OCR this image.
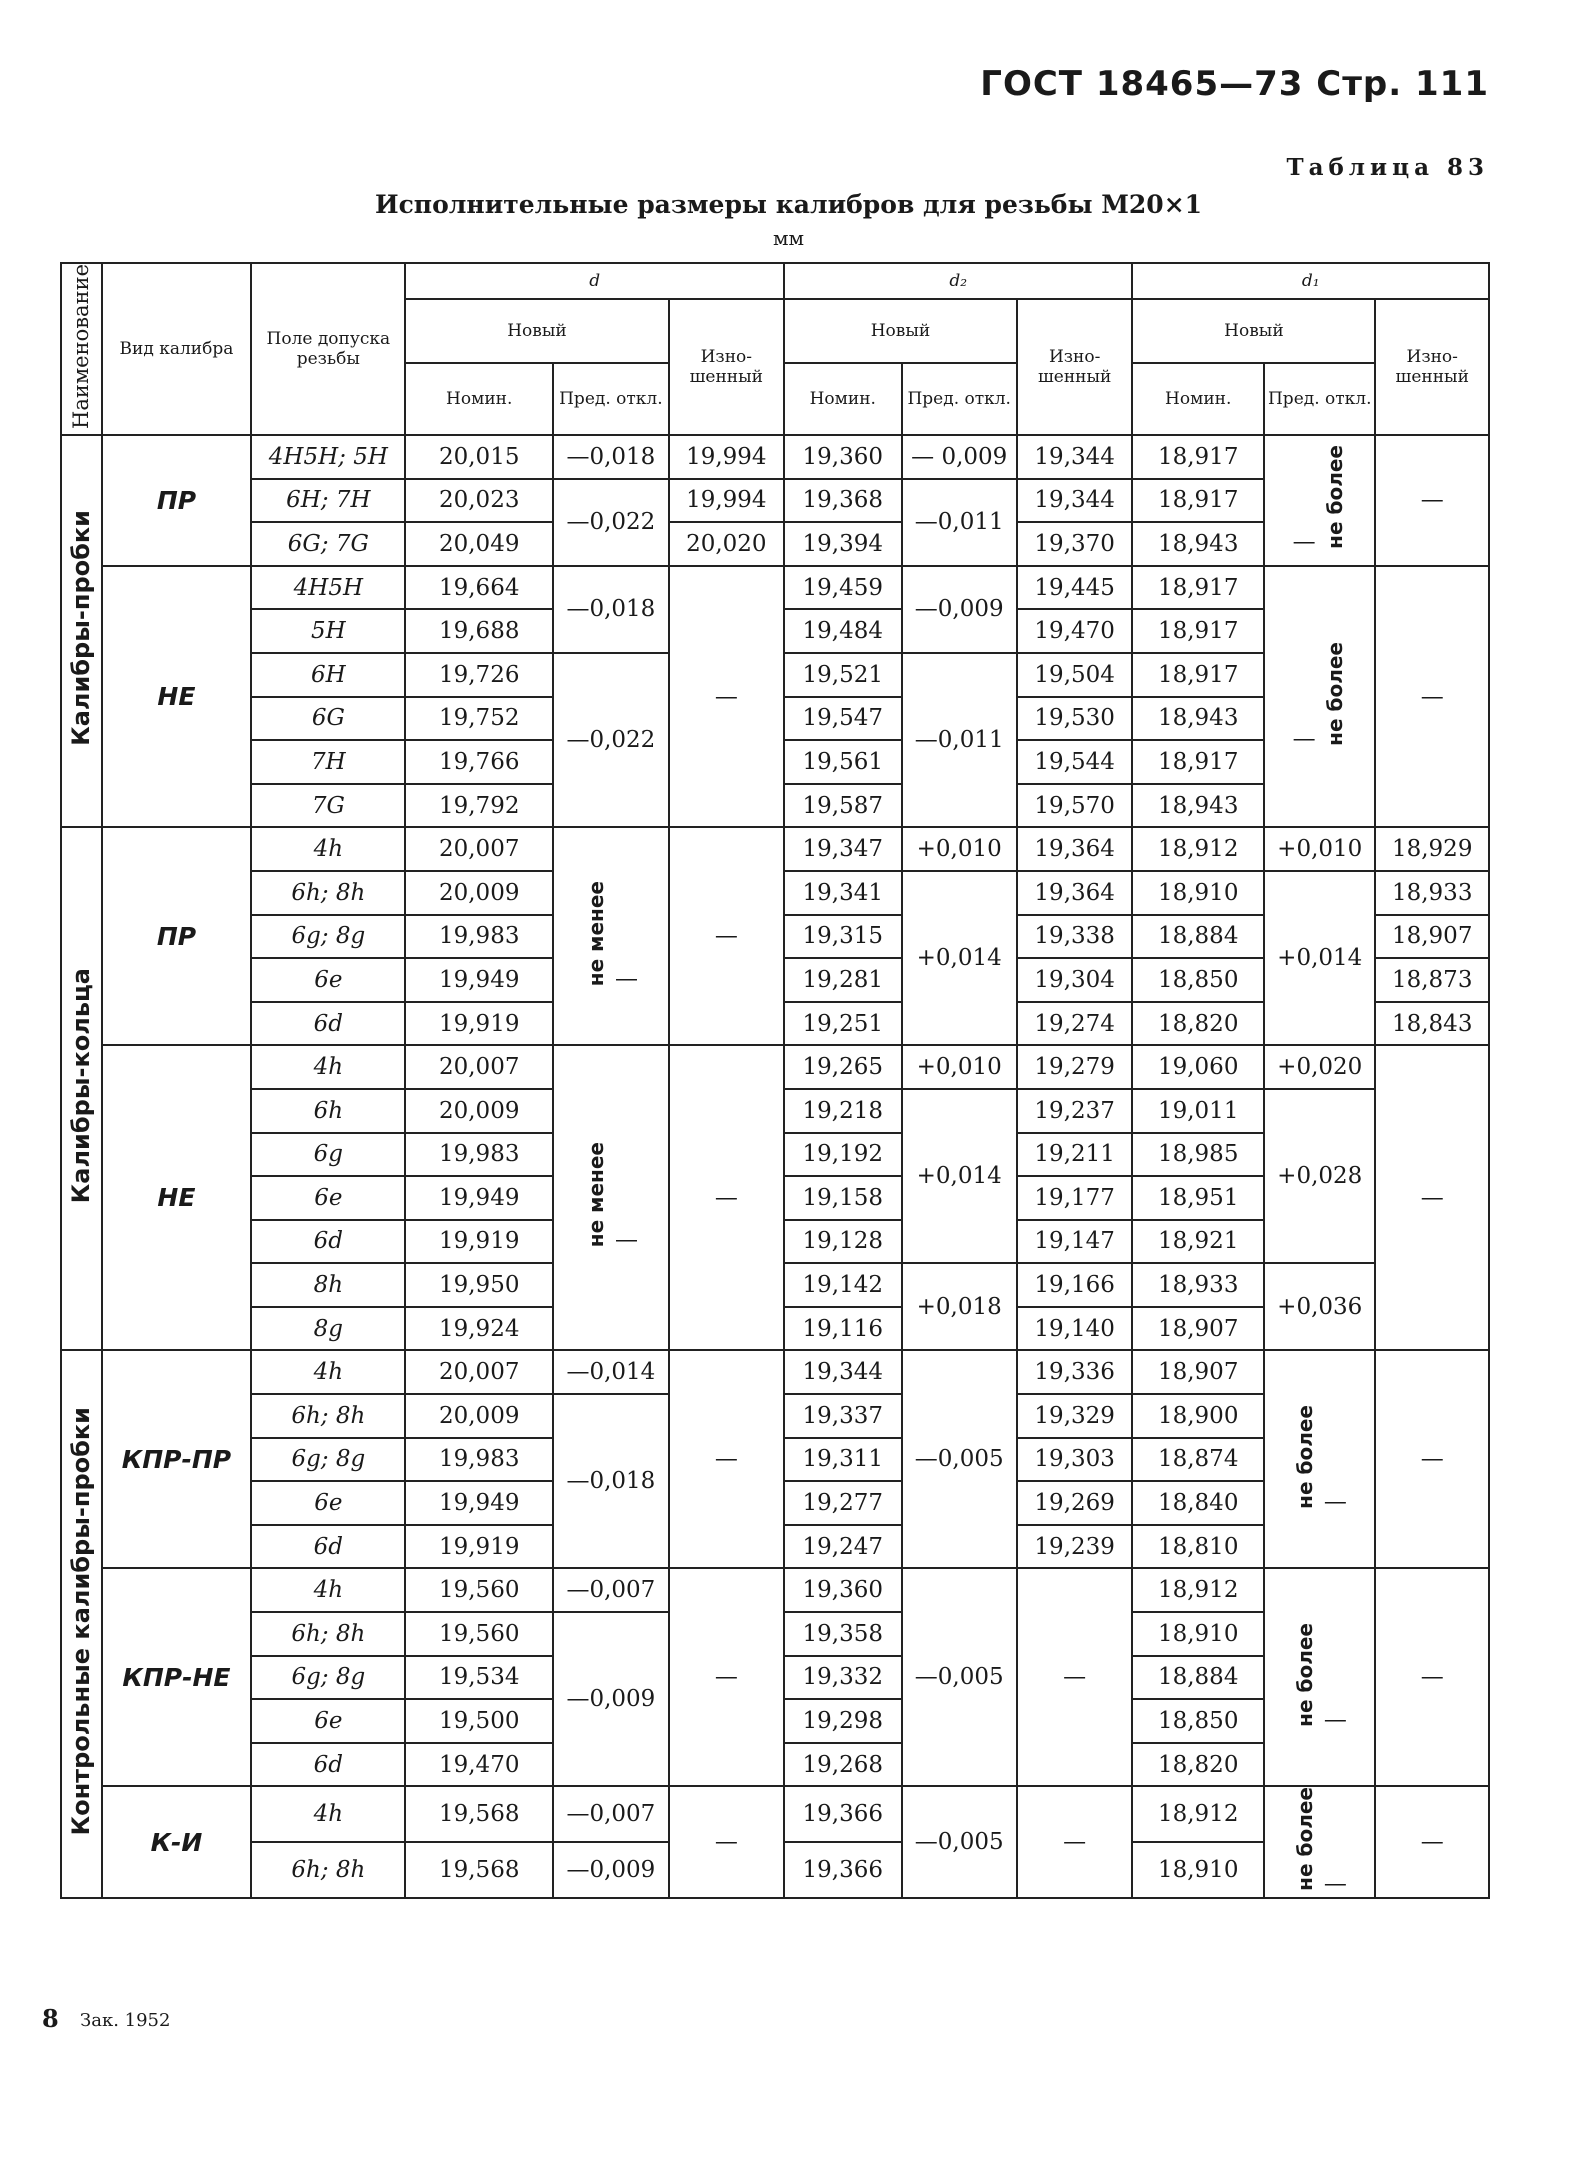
ГОСТ 18465—73 Стр. 111
Таблица 83
Исполнительные размеры калибров для резьбы М20×1
мм
Наименование	Вид калибра	Поле допуска резьбы	d			d₂			d₁		
			Новый		Изно-шенный	Новый		Изно-шенный	Новый		Изно-шенный
			Номин.	Пред. откл.		Номин.	Пред. откл.		Номин.	Пред. откл.	
Калибры-пробки	ПР	4H5H; 5H	20,015	—0,018	19,994	19,360	— 0,009	19,344	18,917	— не более	—
		6H; 7H	20,023	—0,022	19,994	19,368	—0,011	19,344	18,917		
		6G; 7G	20,049		20,020	19,394		19,370	18,943		
	НЕ	4H5H	19,664	—0,018	—	19,459	—0,009	19,445	18,917	— не более	—
		5H	19,688			19,484		19,470	18,917		
		6H	19,726	—0,022		19,521	—0,011	19,504	18,917		
		6G	19,752			19,547		19,530	18,943		
		7H	19,766			19,561		19,544	18,917		
		7G	19,792			19,587		19,570	18,943		
Калибры-кольца	ПР	4h	20,007	не менее —	—	19,347	+0,010	19,364	18,912	+0,010	18,929
		6h; 8h	20,009			19,341	+0,014	19,364	18,910	+0,014	18,933
		6g; 8g	19,983			19,315		19,338	18,884		18,907
		6e	19,949			19,281		19,304	18,850		18,873
		6d	19,919			19,251		19,274	18,820		18,843
	НЕ	4h	20,007	не менее —	—	19,265	+0,010	19,279	19,060	+0,020	—
		6h	20,009			19,218	+0,014	19,237	19,011	+0,028	
		6g	19,983			19,192		19,211	18,985		
		6e	19,949			19,158		19,177	18,951		
		6d	19,919			19,128		19,147	18,921		
		8h	19,950			19,142	+0,018	19,166	18,933	+0,036	
		8g	19,924			19,116		19,140	18,907		
Контрольные калибры-пробки	КПР-ПР	4h	20,007	—0,014	—	19,344	—0,005	19,336	18,907	не более —	—
		6h; 8h	20,009	—0,018		19,337		19,329	18,900		
		6g; 8g	19,983			19,311		19,303	18,874		
		6e	19,949			19,277		19,269	18,840		
		6d	19,919			19,247		19,239	18,810		
	КПР-НЕ	4h	19,560	—0,007	—	19,360	—0,005	—	18,912	не более —	—
		6h; 8h	19,560	—0,009		19,358			18,910		
		6g; 8g	19,534			19,332			18,884		
		6e	19,500			19,298			18,850		
		6d	19,470			19,268			18,820		
	К-И	4h	19,568	—0,007	—	19,366	—0,005	—	18,912	не более —	—
		6h; 8h	19,568	—0,009		19,366			18,910		
8 Зак. 1952
